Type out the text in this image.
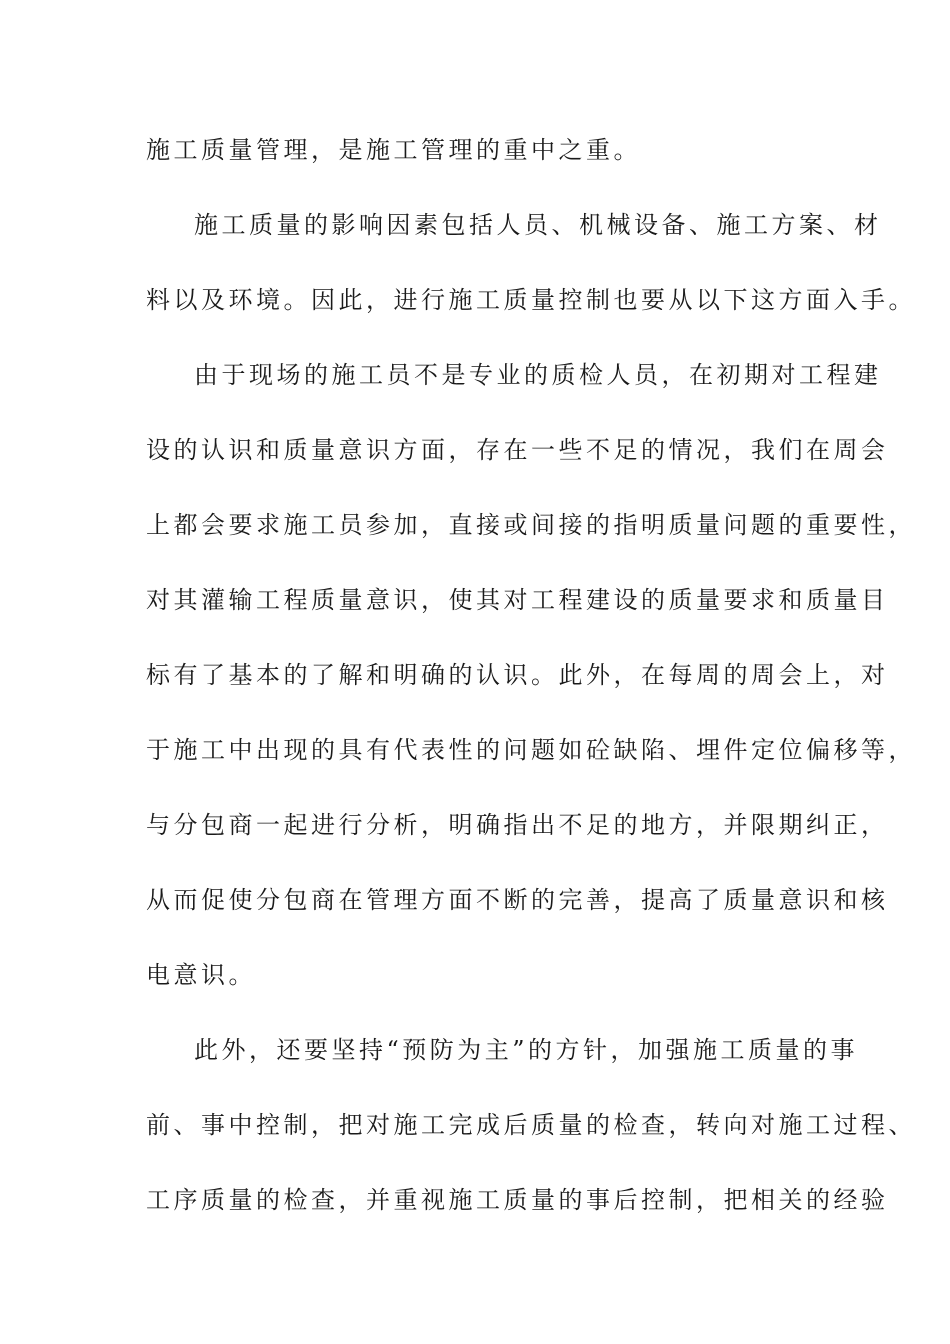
施工质量管理，是施工管理的重中之重。
施工质量的影响因素包括人员、机械设备、施工方案、材
料以及环境。因此，进行施工质量控制也要从以下这方面入手。
由于现场的施工员不是专业的质检人员，在初期对工程建
设的认识和质量意识方面，存在一些不足的情况，我们在周会
上都会要求施工员参加，直接或间接的指明质量问题的重要性，
对其灌输工程质量意识，使其对工程建设的质量要求和质量目
标有了基本的了解和明确的认识。此外，在每周的周会上，对
于施工中出现的具有代表性的问题如砼缺陷、埋件定位偏移等，
与分包商一起进行分析，明确指出不足的地方，并限期纠正，
从而促使分包商在管理方面不断的完善，提高了质量意识和核
电意识。
此外，还要坚持“预防为主”的方针，加强施工质量的事
前、事中控制，把对施工完成后质量的检查，转向对施工过程、
工序质量的检查，并重视施工质量的事后控制，把相关的经验
